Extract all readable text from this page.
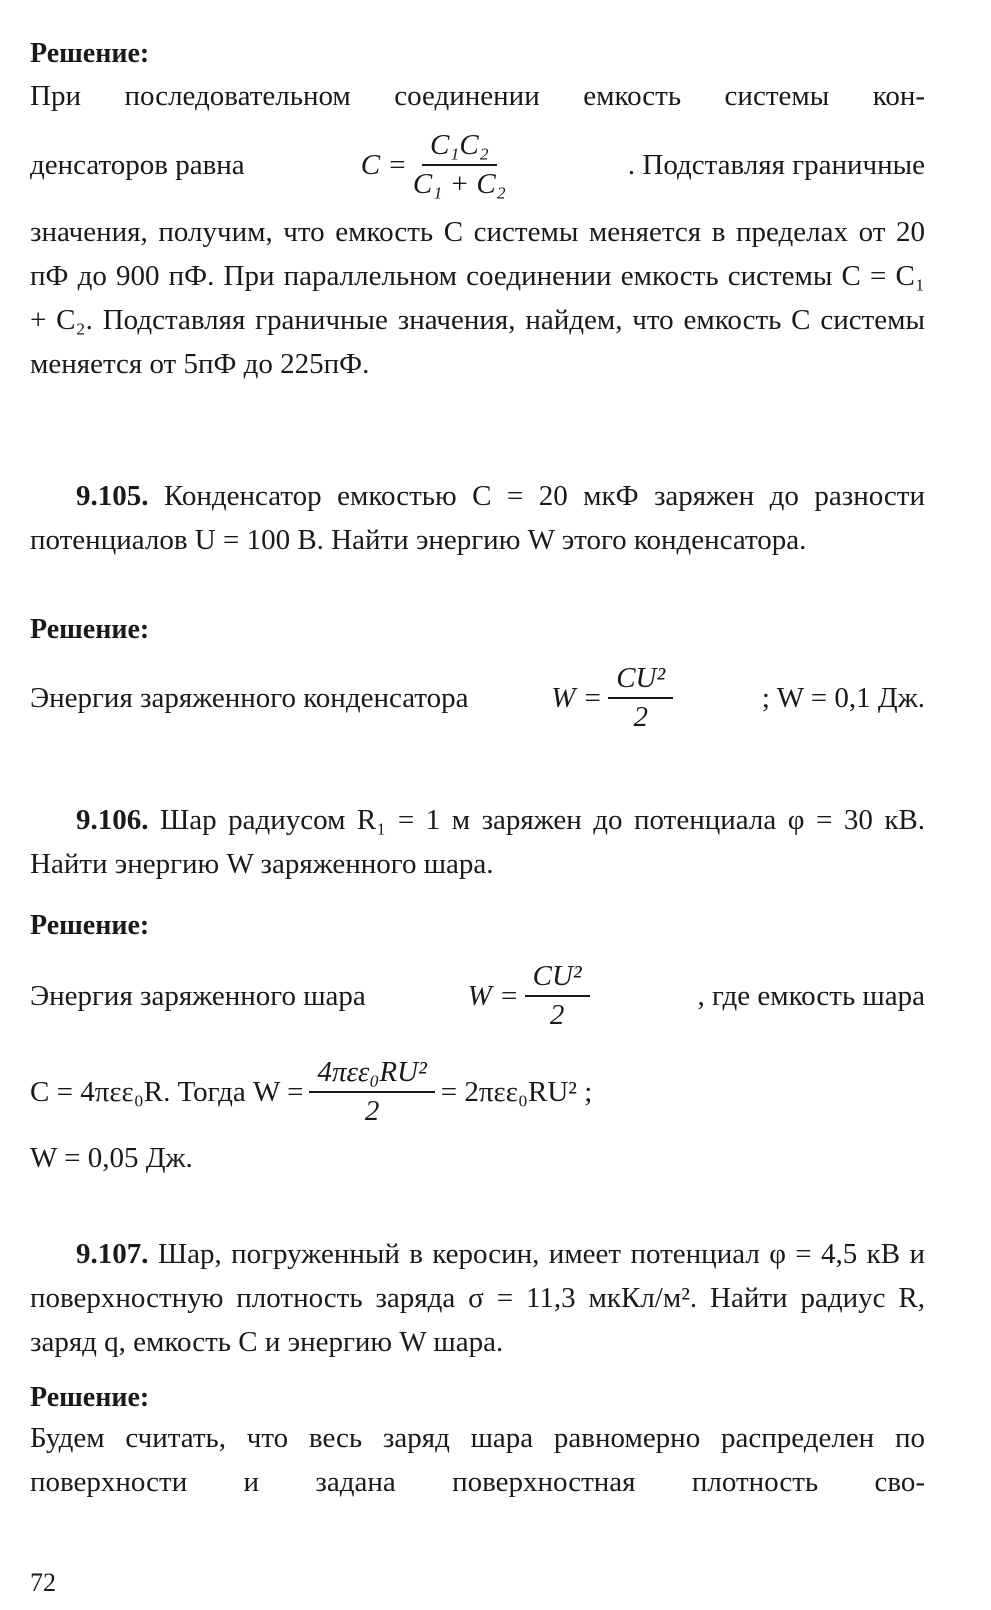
Решение:
При последовательном соединении емкость системы кон-
денсаторов равна	$C = \frac{\text{C₁C₂}}{\text{C₁ + C₂}}$	. Подставляя граничные
значения, получим, что емкость C системы меняется в пределах от 20 пФ до 900 пФ. При параллельном соединении емкость системы C = C₁ + C₂. Подставляя граничные значения, найдем, что емкость C системы меняется от 5пФ до 225пФ.
9.105. Конденсатор емкостью C = 20 мкФ заряжен до разности потенциалов U = 100 В. Найти энергию W этого конденсатора.
Решение:
Энергия заряженного конденсатора	$W = \frac{\text{CU²}}{2}$	; W = 0,1 Дж.
9.106. Шар радиусом R₁ = 1 м заряжен до потенциала φ = 30 кВ. Найти энергию W заряженного шара.
Решение:
Энергия заряженного шара	$W = \frac{\text{CU²}}{2}$	, где емкость шара
C = 4πεε₀R. Тогда $W = \frac{\text{4πεε₀RU²}}{2} = 2\pi\varepsilon\varepsilon_0RU^2$ ;
W = 0,05 Дж.
9.107. Шар, погруженный в керосин, имеет потенциал φ = 4,5 кВ и поверхностную плотность заряда σ = 11,3 мкКл/м². Найти радиус R, заряд q, емкость C и энергию W шара.
Решение:
Будем считать, что весь заряд шара равномерно распределен по поверхности и задана поверхностная плотность сво-
72
